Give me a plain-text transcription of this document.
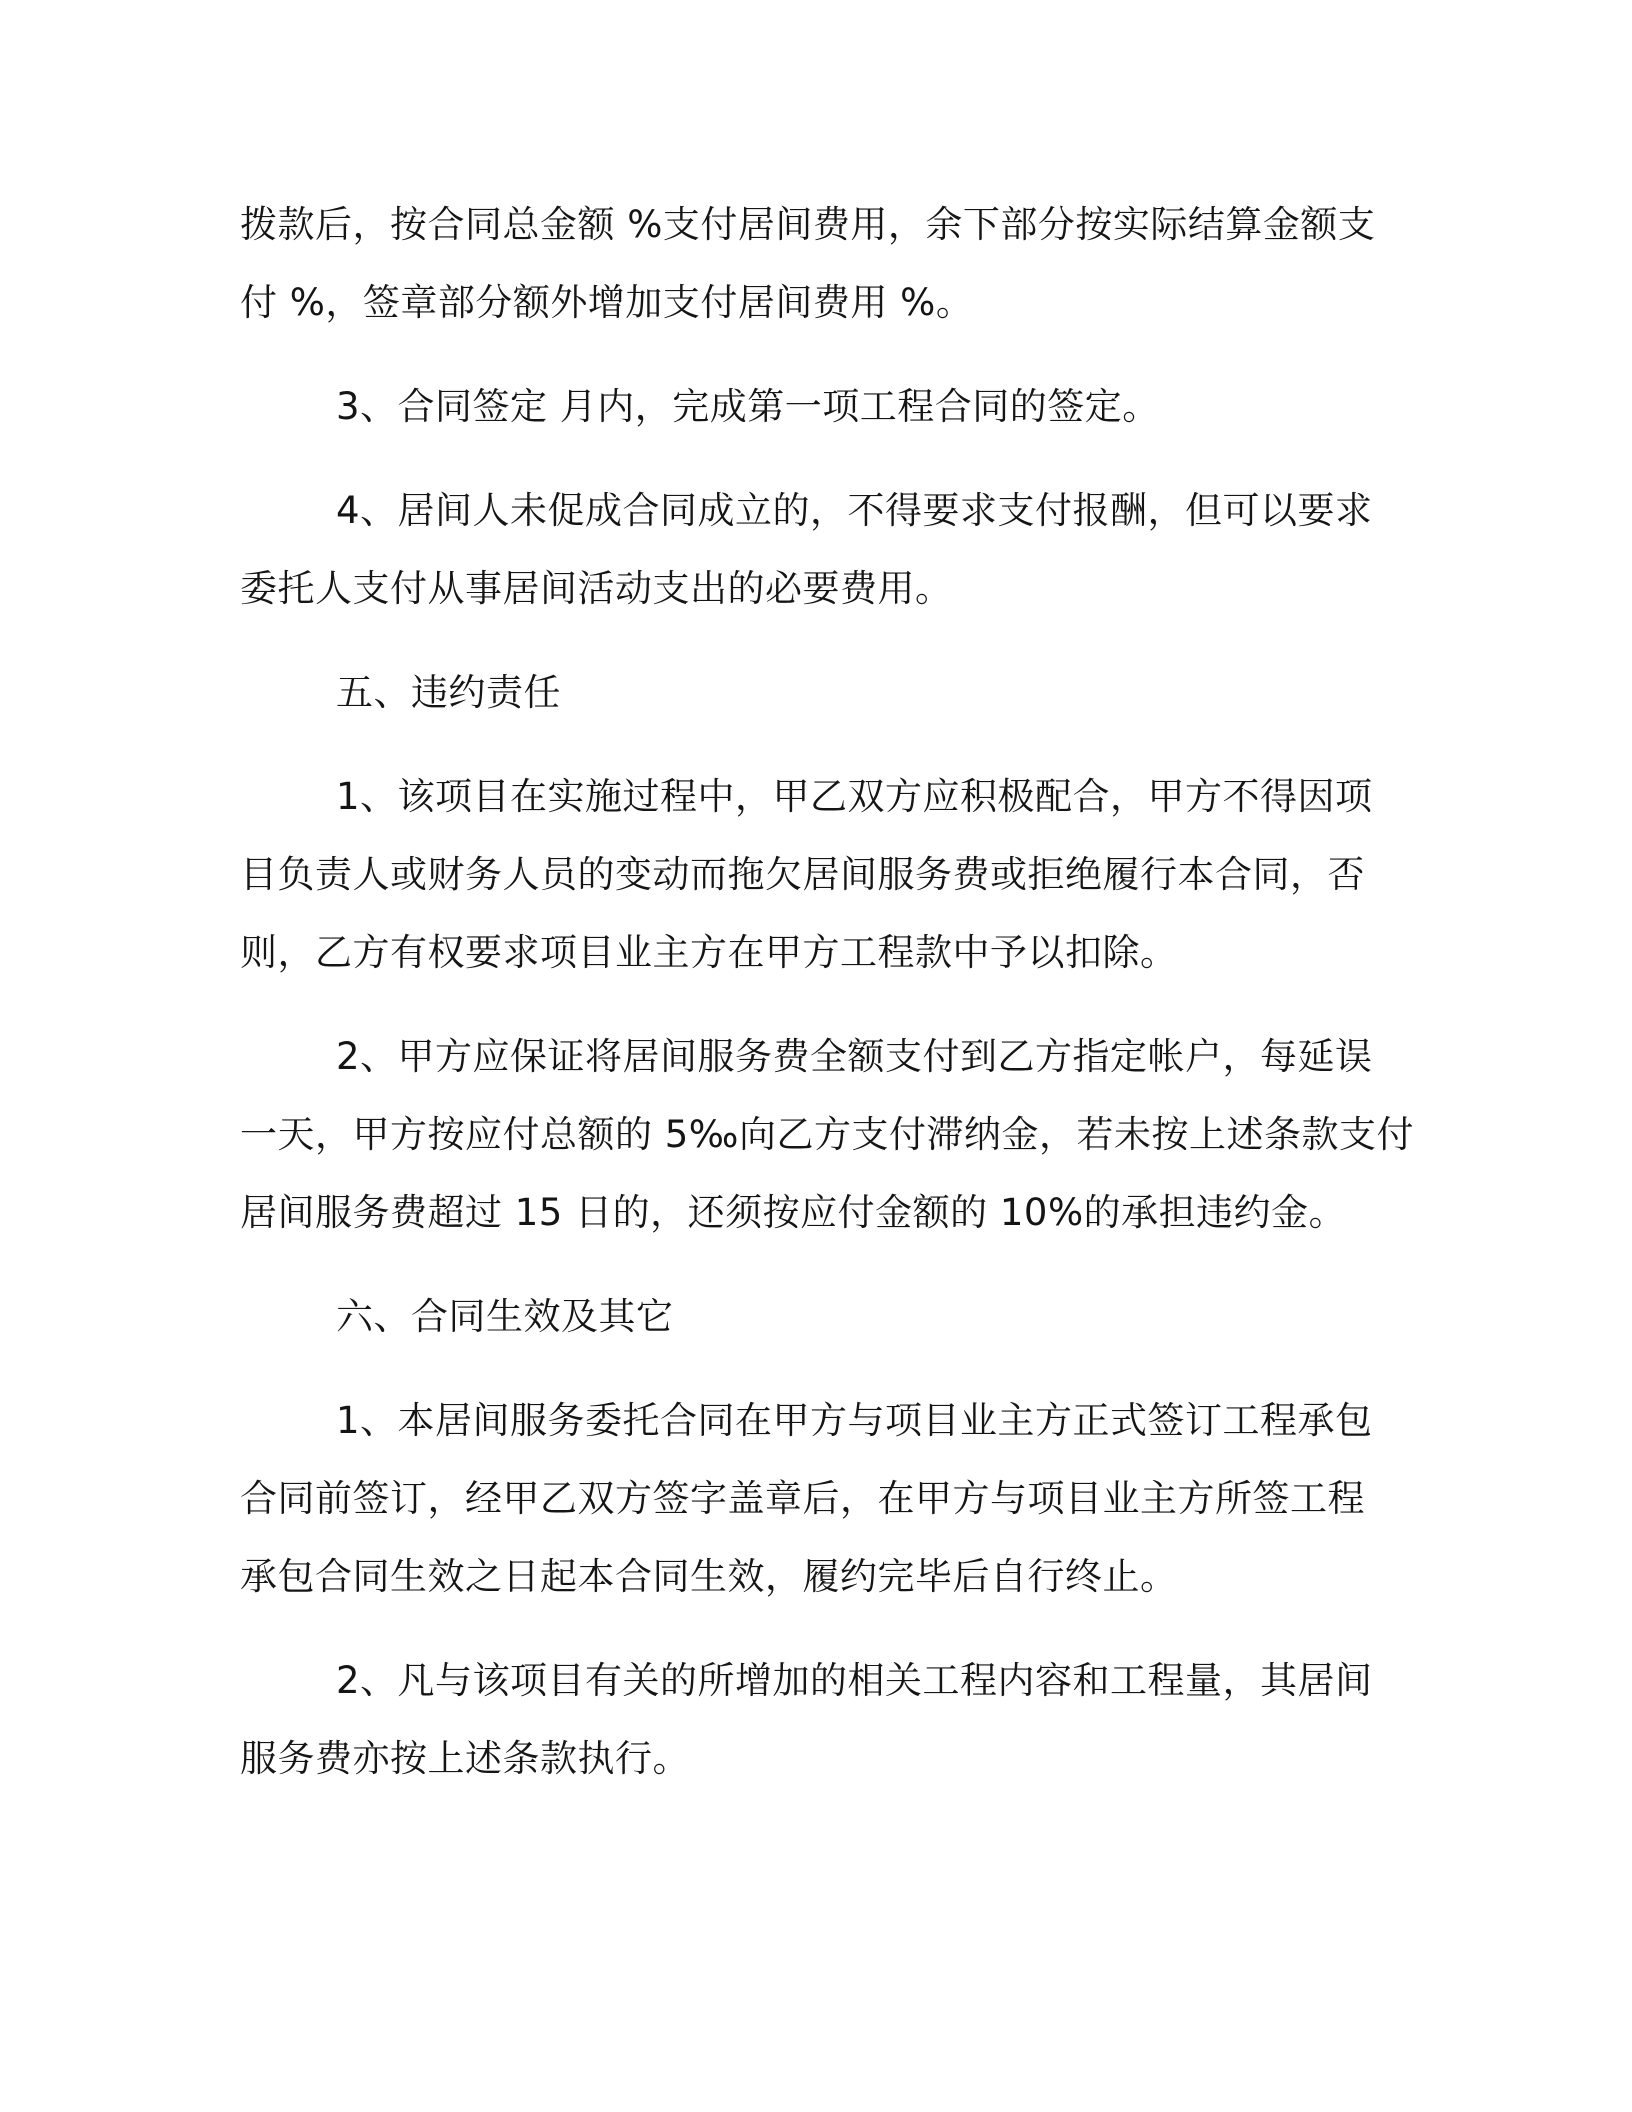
拨款后，按合同总金额 %支付居间费用，余下部分按实际结算金额支
付 %，签章部分额外增加支付居间费用 %。
3、合同签定 月内，完成第一项工程合同的签定。
4、居间人未促成合同成立的，不得要求支付报酬，但可以要求
委托人支付从事居间活动支出的必要费用。
五、违约责任
1、该项目在实施过程中，甲乙双方应积极配合，甲方不得因项
目负责人或财务人员的变动而拖欠居间服务费或拒绝履行本合同，否
则，乙方有权要求项目业主方在甲方工程款中予以扣除。
2、甲方应保证将居间服务费全额支付到乙方指定帐户，每延误
一天，甲方按应付总额的 5‰向乙方支付滞纳金，若未按上述条款支付
居间服务费超过 15 日的，还须按应付金额的 10%的承担违约金。
六、合同生效及其它
1、本居间服务委托合同在甲方与项目业主方正式签订工程承包
合同前签订，经甲乙双方签字盖章后，在甲方与项目业主方所签工程
承包合同生效之日起本合同生效，履约完毕后自行终止。
2、凡与该项目有关的所增加的相关工程内容和工程量，其居间
服务费亦按上述条款执行。
